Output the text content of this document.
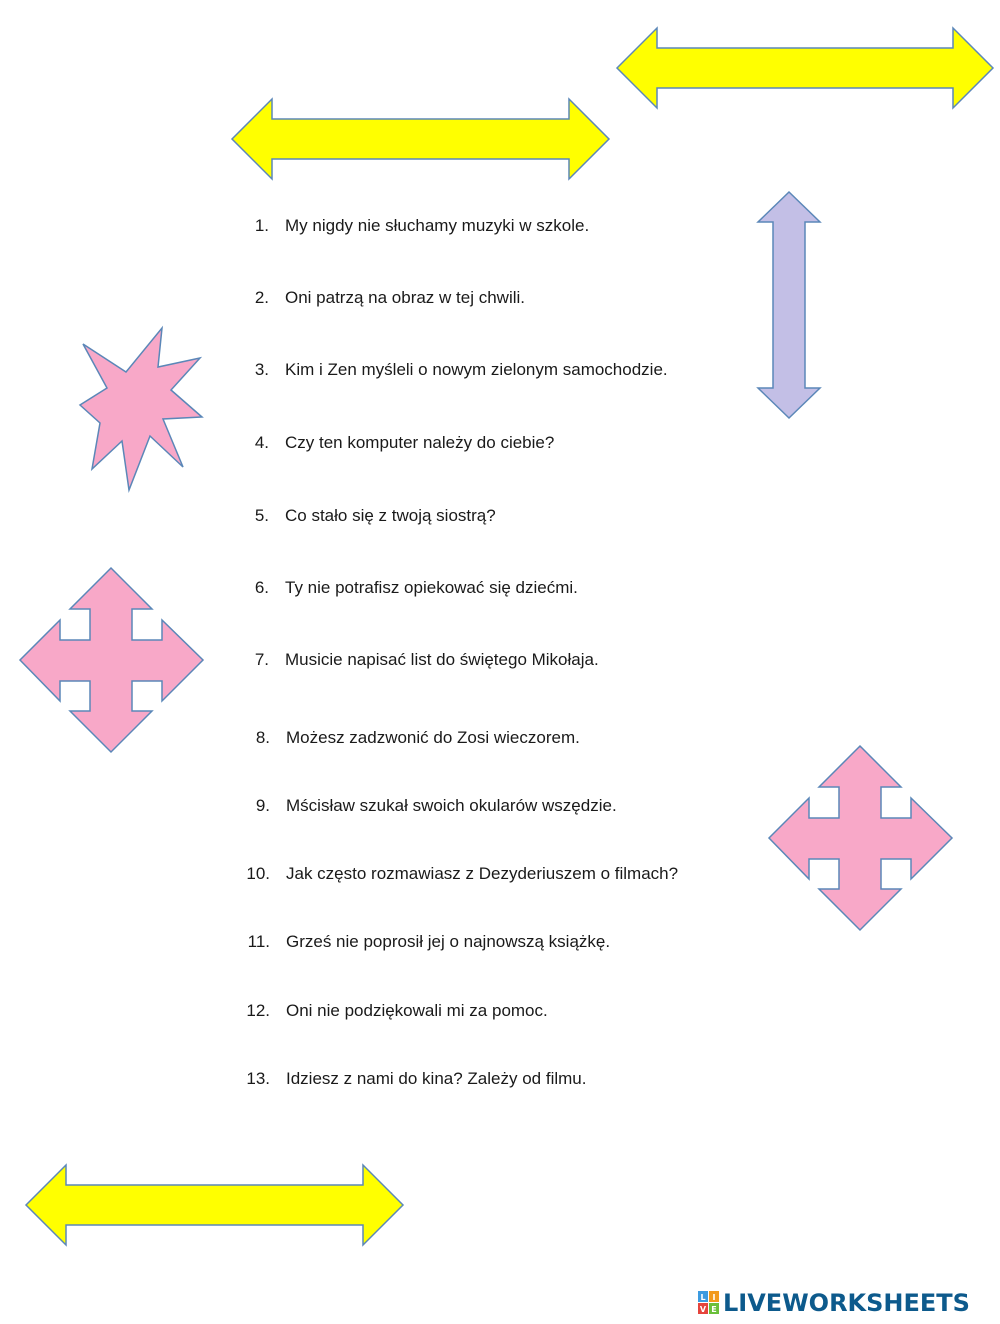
1. My nigdy nie słuchamy muzyki w szkole.
2. Oni patrzą na obraz w tej chwili.
3. Kim i Zen myśleli o nowym zielonym samochodzie.
4. Czy ten komputer należy do ciebie?
5. Co stało się z twoją siostrą?
6. Ty nie potrafisz opiekować się dziećmi.
7. Musicie napisać list do świętego Mikołaja.
8. Możesz zadzwonić do Zosi wieczorem.
9. Mścisław szukał swoich okularów wszędzie.
10. Jak często rozmawiasz z Dezyderiuszem o filmach?
11. Grześ nie poprosił jej o najnowszą książkę.
12. Oni nie podziękowali mi za pomoc.
13. Idziesz z nami do kina? Zależy od filmu.
L I
V E LIVEWORKSHEETS
